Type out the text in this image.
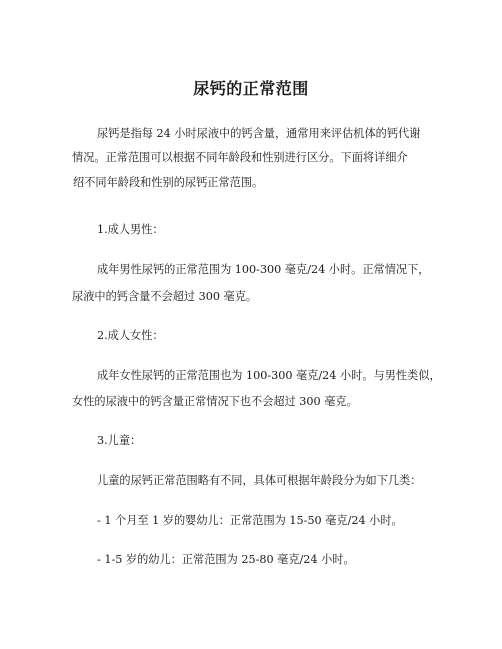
尿钙的正常范围
尿钙是指每 24 小时尿液中的钙含量，通常用来评估机体的钙代谢
情况。正常范围可以根据不同年龄段和性别进行区分。下面将详细介
绍不同年龄段和性别的尿钙正常范围。
1.成人男性：
成年男性尿钙的正常范围为 100-300 毫克/24 小时。正常情况下，
尿液中的钙含量不会超过 300 毫克。
2.成人女性：
成年女性尿钙的正常范围也为 100-300 毫克/24 小时。与男性类似，
女性的尿液中的钙含量正常情况下也不会超过 300 毫克。
3.儿童：
儿童的尿钙正常范围略有不同，具体可根据年龄段分为如下几类：
- 1 个月至 1 岁的婴幼儿：正常范围为 15-50 毫克/24 小时。
- 1-5 岁的幼儿：正常范围为 25-80 毫克/24 小时。
